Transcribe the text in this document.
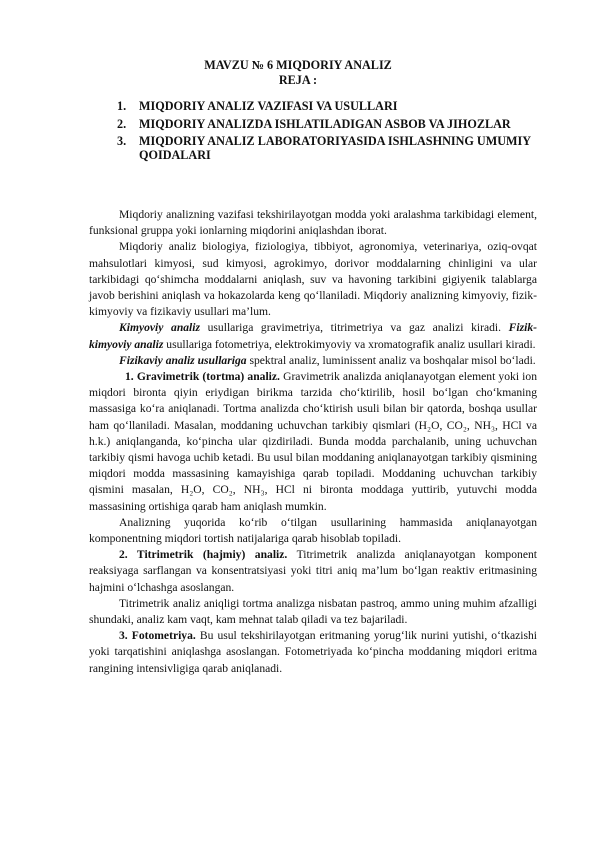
MAVZU № 6 MIQDORIY ANALIZ
REJA :
1. MIQDORIY ANALIZ VAZIFASI VA USULLARI
2. MIQDORIY ANALIZDA ISHLATILADIGAN ASBOB VA JIHOZLAR
3. MIQDORIY ANALIZ LABORATORIYASIDA ISHLASHNING UMUMIY QOIDALARI

Miqdoriy analizning vazifasi tekshirilayotgan modda yoki aralashma tarkibidagi element, funksional gruppa yoki ionlarning miqdorini aniqlashdan iborat.

Miqdoriy analiz biologiya, fiziologiya, tibbiyot, agronomiya, veterinariya, oziq-ovqat mahsulotlari kimyosi, sud kimyosi, agrokimyo, dorivor moddalarning chinligini va ular tarkibidagi qo‘shimcha moddalarni aniqlash, suv va havoning tarkibini gigiyenik talablarga javob berishini aniqlash va hokazolarda keng qo‘llaniladi. Miqdoriy analizning kimyoviy, fizik-kimyoviy va fizikaviy usullari ma’lum.

Kimyoviy analiz usullariga gravimetriya, titrimetriya va gaz analizi kiradi. Fizik-kimyoviy analiz usullariga fotometriya, elektrokimyoviy va xromatografik analiz usullari kiradi.

Fizikaviy analiz usullariga spektral analiz, luminissent analiz va boshqalar misol bo‘ladi.

1. Gravimetrik (tortma) analiz. Gravimetrik analizda aniqlanayotgan element yoki ion miqdori bironta qiyin eriydigan birikma tarzida cho‘ktirilib, hosil bo‘lgan cho‘kmaning massasiga ko‘ra aniqlanadi. Tortma analizda cho‘ktirish usuli bilan bir qatorda, boshqa usullar ham qo‘llaniladi. Masalan, moddaning uchuvchan tarkibiy qismlari (H₂O, CO₂, NH₃, HCl va h.k.) aniqlanganda, ko‘pincha ular qizdiriladi. Bunda modda parchalanib, uning uchuvchan tarkibiy qismi havoga uchib ketadi. Bu usul bilan moddaning aniqlanayotgan tarkibiy qismining miqdori modda massasining kamayishiga qarab topiladi. Moddaning uchuvchan tarkibiy qismini masalan, H₂O, CO₂, NH₃, HCl ni bironta moddaga yuttirib, yutuvchi modda massasining ortishiga qarab ham aniqlash mumkin.

Analizning yuqorida ko‘rib o‘tilgan usullarining hammasida aniqlanayotgan komponentning miqdori tortish natijalariga qarab hisoblab topiladi.

2. Titrimetrik (hajmiy) analiz. Titrimetrik analizda aniqlanayotgan komponent reaksiyaga sarflangan va konsentratsiyasi yoki titri aniq ma’lum bo‘lgan reaktiv eritmasining hajmini o‘lchashga asoslangan.

Titrimetrik analiz aniqligi tortma analizga nisbatan pastroq, ammo uning muhim afzalligi shundaki, analiz kam vaqt, kam mehnat talab qiladi va tez bajariladi.

3. Fotometriya. Bu usul tekshirilayotgan eritmaning yorug‘lik nurini yutishi, o‘tkazishi yoki tarqatishini aniqlashga asoslangan. Fotometriyada ko‘pincha moddaning miqdori eritma rangining intensivligiga qarab aniqlanadi.
